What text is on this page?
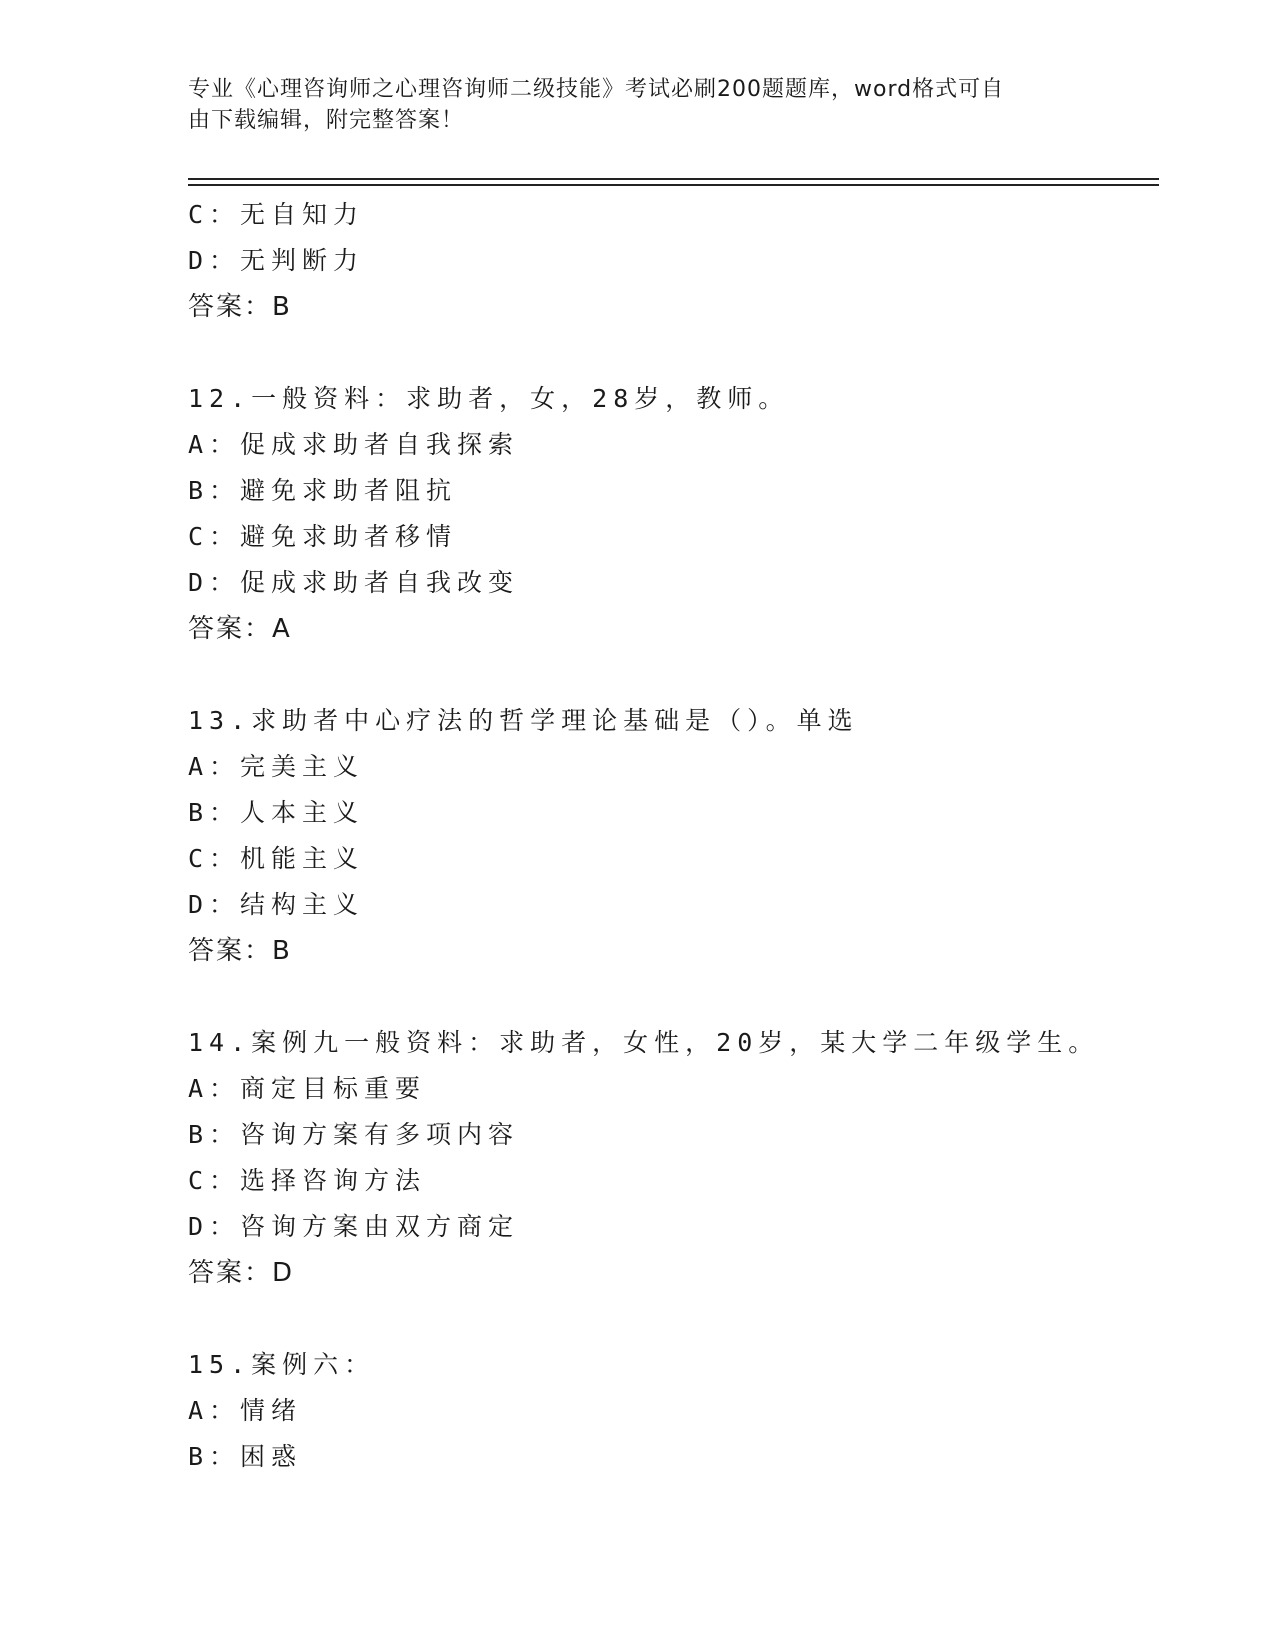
专业《心理咨询师之心理咨询师二级技能》考试必刷200题题库，word格式可自
由下载编辑，附完整答案！
C：无自知力
D：无判断力
答案：B
12.一般资料：求助者，女，28岁，教师。
A：促成求助者自我探索
B：避免求助者阻抗
C：避免求助者移情
D：促成求助者自我改变
答案：A
13.求助者中心疗法的哲学理论基础是（）。单选
A：完美主义
B：人本主义
C：机能主义
D：结构主义
答案：B
14.案例九一般资料：求助者，女性，20岁，某大学二年级学生。
A：商定目标重要
B：咨询方案有多项内容
C：选择咨询方法
D：咨询方案由双方商定
答案：D
15.案例六：
A：情绪
B：困惑
